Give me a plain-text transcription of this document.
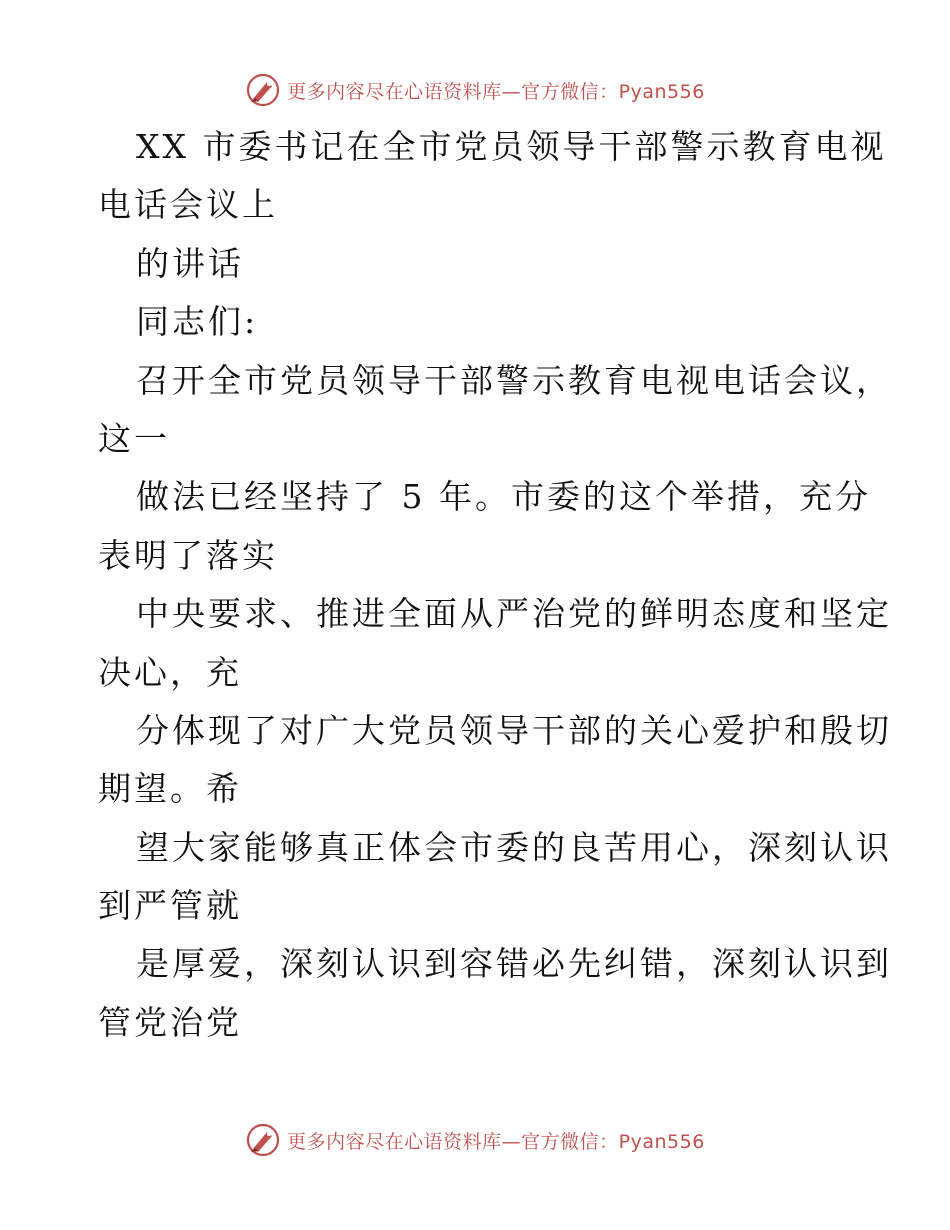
更多内容尽在心语资料库—官方微信：Pyan556
XX 市委书记在全市党员领导干部警示教育电视
电话会议上
的讲话
同志们:
召开全市党员领导干部警示教育电视电话会议，
这一
做法已经坚持了 5 年。市委的这个举措，充分
表明了落实
中央要求、推进全面从严治党的鲜明态度和坚定
决心，充
分体现了对广大党员领导干部的关心爱护和殷切
期望。希
望大家能够真正体会市委的良苦用心，深刻认识
到严管就
是厚爱，深刻认识到容错必先纠错，深刻认识到
管党治党
更多内容尽在心语资料库—官方微信：Pyan556
